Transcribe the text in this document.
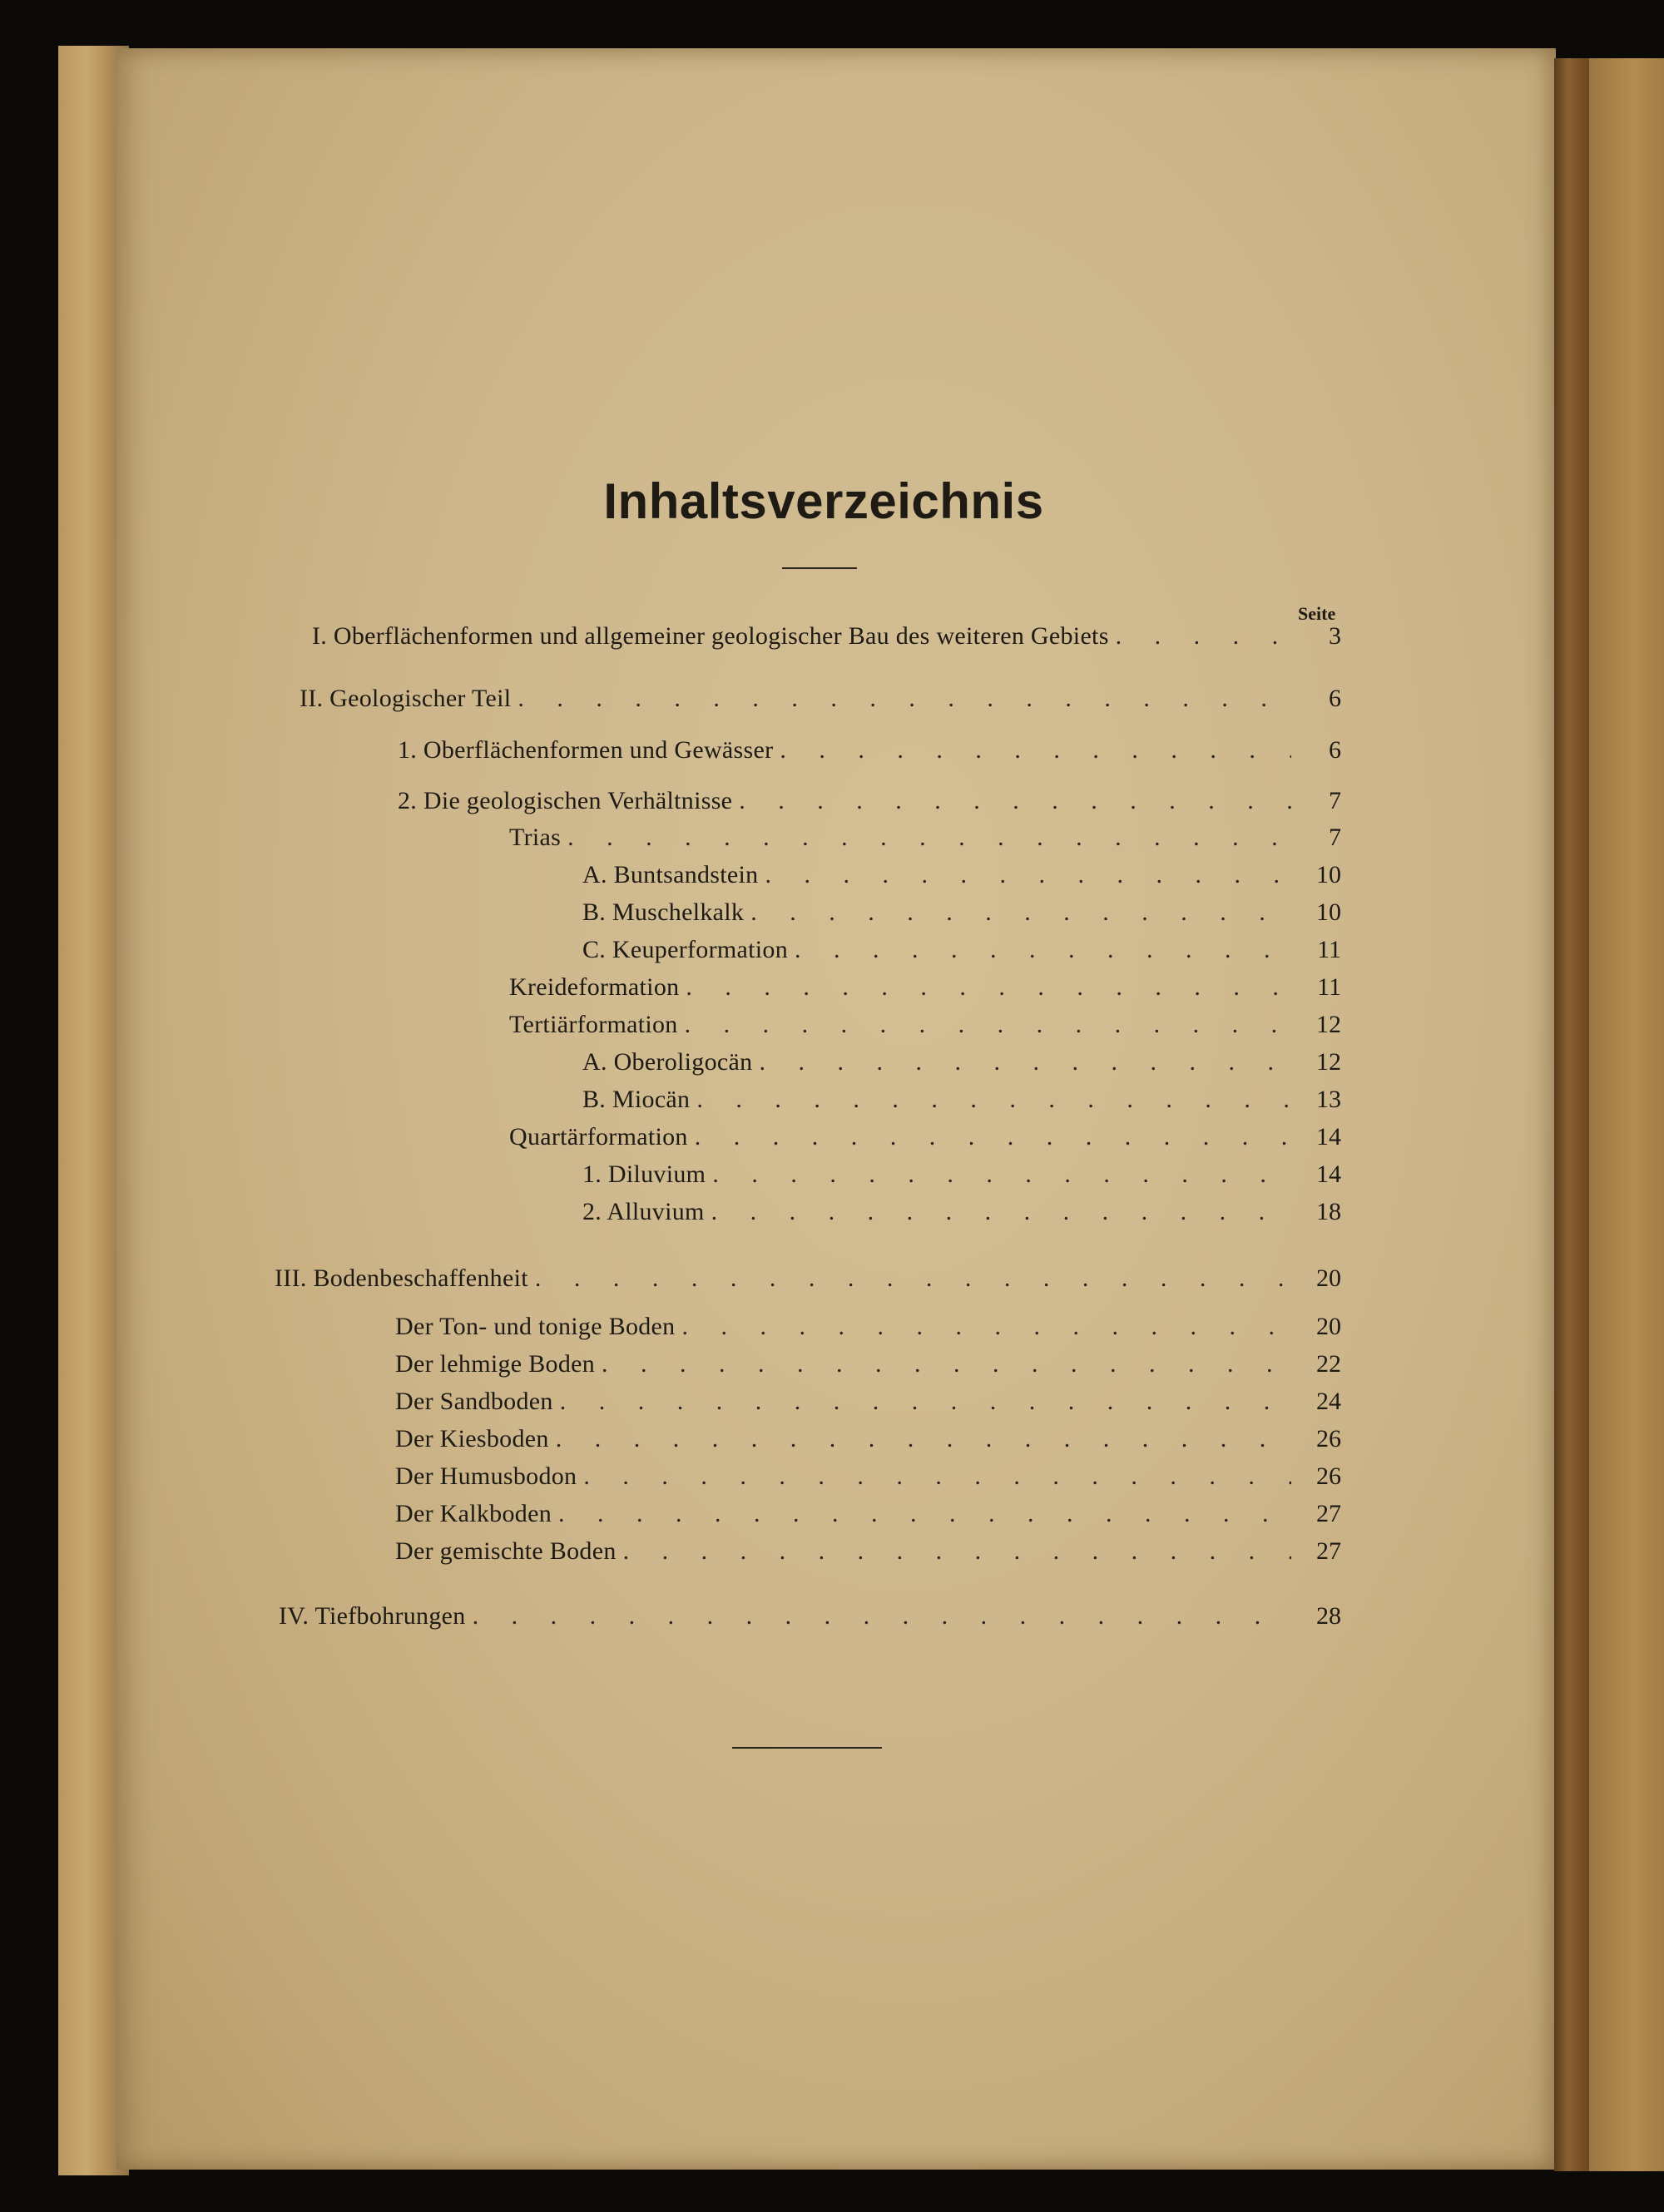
Inhaltsverzeichnis
Seite
I. Oberflächenformen und allgemeiner geologischer Bau des weiteren Gebiets . . .	3
II. Geologischer Teil . . .	6
1. Oberflächenformen und Gewässer . . .	6
2. Die geologischen Verhältnisse . . .	7
Trias . . .	7
A. Buntsandstein . . .	10
B. Muschelkalk . . .	10
C. Keuperformation . . .	11
Kreideformation . . .	11
Tertiärformation . . .	12
A. Oberoligocän . . .	12
B. Miocän . . .	13
Quartärformation . . .	14
1. Diluvium . . .	14
2. Alluvium . . .	18
III. Bodenbeschaffenheit . . .	20
Der Ton- und tonige Boden . . .	20
Der lehmige Boden . . .	22
Der Sandboden . . .	24
Der Kiesboden . . .	26
Der Humusbodon . . .	26
Der Kalkboden . . .	27
Der gemischte Boden . . .	27
IV. Tiefbohrungen . . .	28
